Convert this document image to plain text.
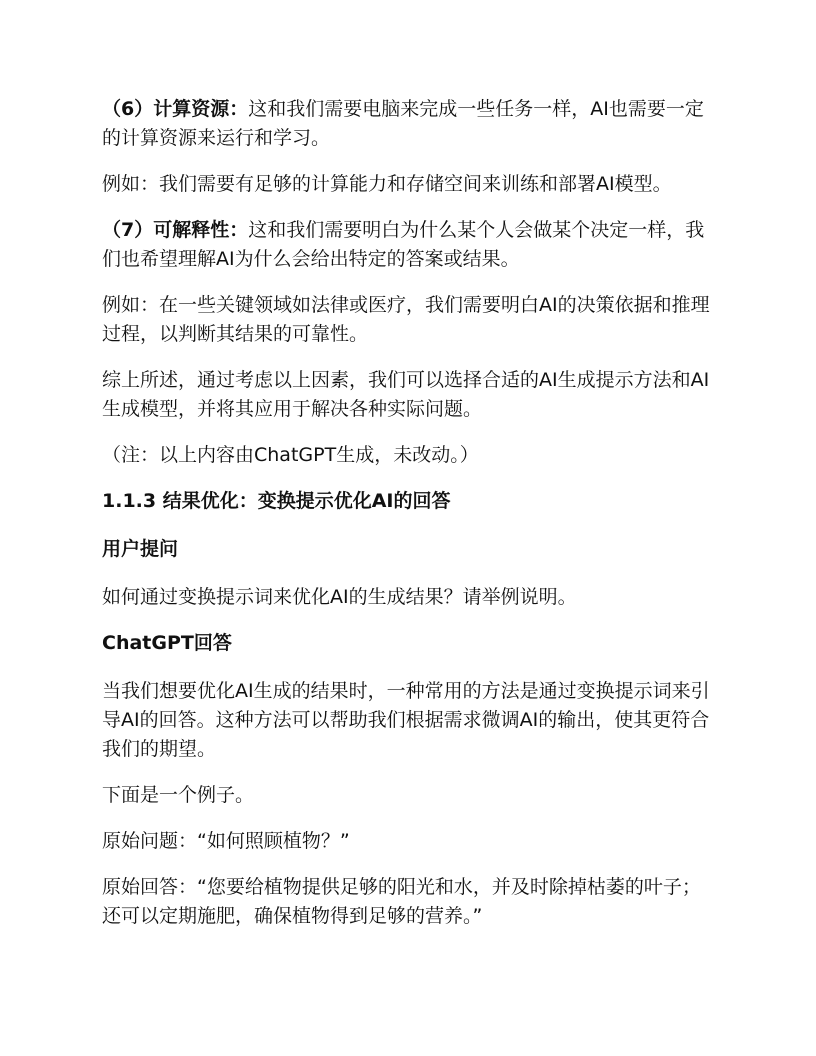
（6）计算资源：这和我们需要电脑来完成一些任务一样，AI也需要一定的计算资源来运行和学习。

例如：我们需要有足够的计算能力和存储空间来训练和部署AI模型。

（7）可解释性：这和我们需要明白为什么某个人会做某个决定一样，我们也希望理解AI为什么会给出特定的答案或结果。

例如：在一些关键领域如法律或医疗，我们需要明白AI的决策依据和推理过程，以判断其结果的可靠性。

综上所述，通过考虑以上因素，我们可以选择合适的AI生成提示方法和AI生成模型，并将其应用于解决各种实际问题。

（注：以上内容由ChatGPT生成，未改动。）

1.1.3 结果优化：变换提示优化AI的回答

用户提问

如何通过变换提示词来优化AI的生成结果？请举例说明。

ChatGPT回答

当我们想要优化AI生成的结果时，一种常用的方法是通过变换提示词来引导AI的回答。这种方法可以帮助我们根据需求微调AI的输出，使其更符合我们的期望。

下面是一个例子。

原始问题：“如何照顾植物？”

原始回答：“您要给植物提供足够的阳光和水，并及时除掉枯萎的叶子；还可以定期施肥，确保植物得到足够的营养。”
